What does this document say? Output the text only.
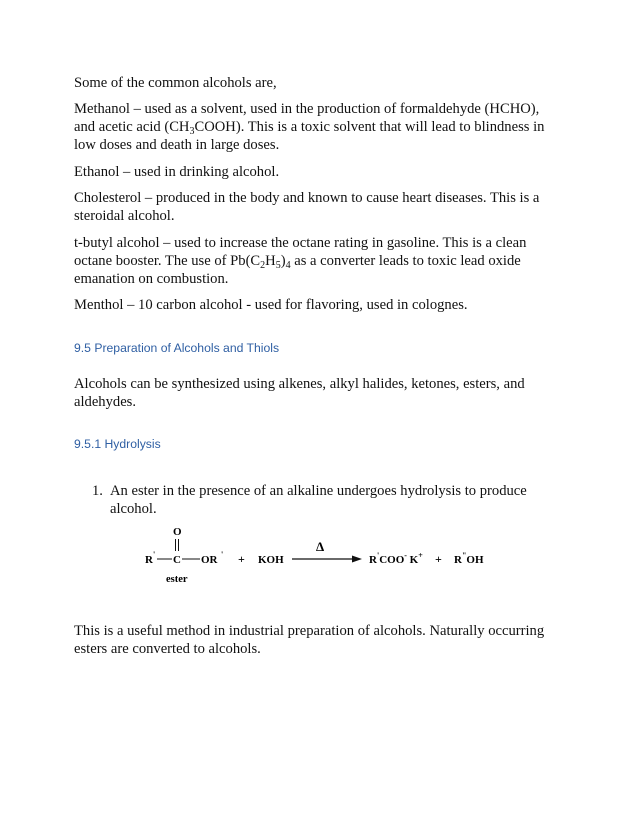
Some of the common alcohols are,

Methanol – used as a solvent, used in the production of formaldehyde (HCHO), and acetic acid $(CH_3COOH)$. This is a toxic solvent that will lead to blindness in low doses and death in large doses.

Ethanol – used in drinking alcohol.

Cholesterol – produced in the body and known to cause heart diseases. This is a steroidal alcohol.

t-butyl alcohol – used to increase the octane rating in gasoline. This is a clean octane booster. The use of $Pb(C_2H_5)_4$ as a converter leads to toxic lead oxide emanation on combustion.

Menthol – 10 carbon alcohol - used for flavoring, used in colognes.

9.5 Preparation of Alcohols and Thiols

Alcohols can be synthesized using alkenes, alkyl halides, ketones, esters, and aldehydes.

9.5.1 Hydrolysis
1. An ester in the presence of an alkaline undergoes hydrolysis to produce alcohol.
O
R ' C OR '
ester
+ KOH
Δ
R'COO- K+ + R"OH

This is a useful method in industrial preparation of alcohols. Naturally occurring esters are converted to alcohols.
